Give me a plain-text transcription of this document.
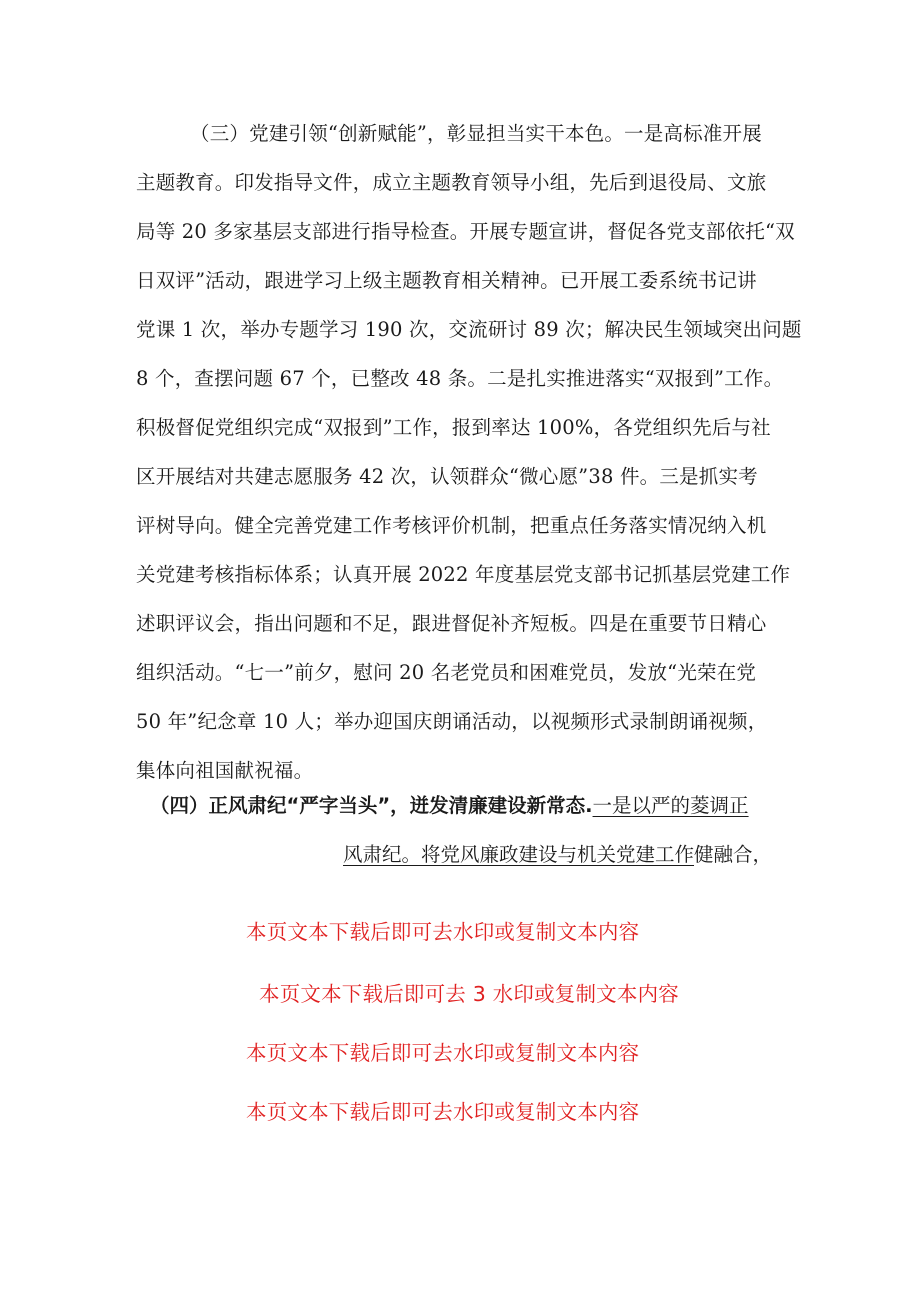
（三）党建引领“创新赋能”，彰显担当实干本色。一是高标准开展
主题教育。印发指导文件，成立主题教育领导小组，先后到退役局、文旅
局等 20 多家基层支部进行指导检查。开展专题宣讲，督促各党支部依托“双
日双评”活动，跟进学习上级主题教育相关精神。已开展工委系统书记讲
党课 1 次，举办专题学习 190 次，交流研讨 89 次；解决民生领域突出问题
8 个，查摆问题 67 个，已整改 48 条。二是扎实推进落实“双报到”工作。
积极督促党组织完成“双报到”工作，报到率达 100%，各党组织先后与社
区开展结对共建志愿服务 42 次，认领群众“微心愿”38 件。三是抓实考
评树导向。健全完善党建工作考核评价机制，把重点任务落实情况纳入机
关党建考核指标体系；认真开展 2022 年度基层党支部书记抓基层党建工作
述职评议会，指出问题和不足，跟进督促补齐短板。四是在重要节日精心
组织活动。“七一”前夕，慰问 20 名老党员和困难党员，发放“光荣在党
50 年”纪念章 10 人；举办迎国庆朗诵活动，以视频形式录制朗诵视频，
集体向祖国献祝福。
（四）正风肃纪“严字当头”，迸发清廉建设新常态.一是以严的菱调正
风肃纪。将党风廉政建设与机关党建工作健融合，
本页文本下载后即可去水印或复制文本内容
本页文本下载后即可去 3 水印或复制文本内容
本页文本下载后即可去水印或复制文本内容
本页文本下载后即可去水印或复制文本内容
